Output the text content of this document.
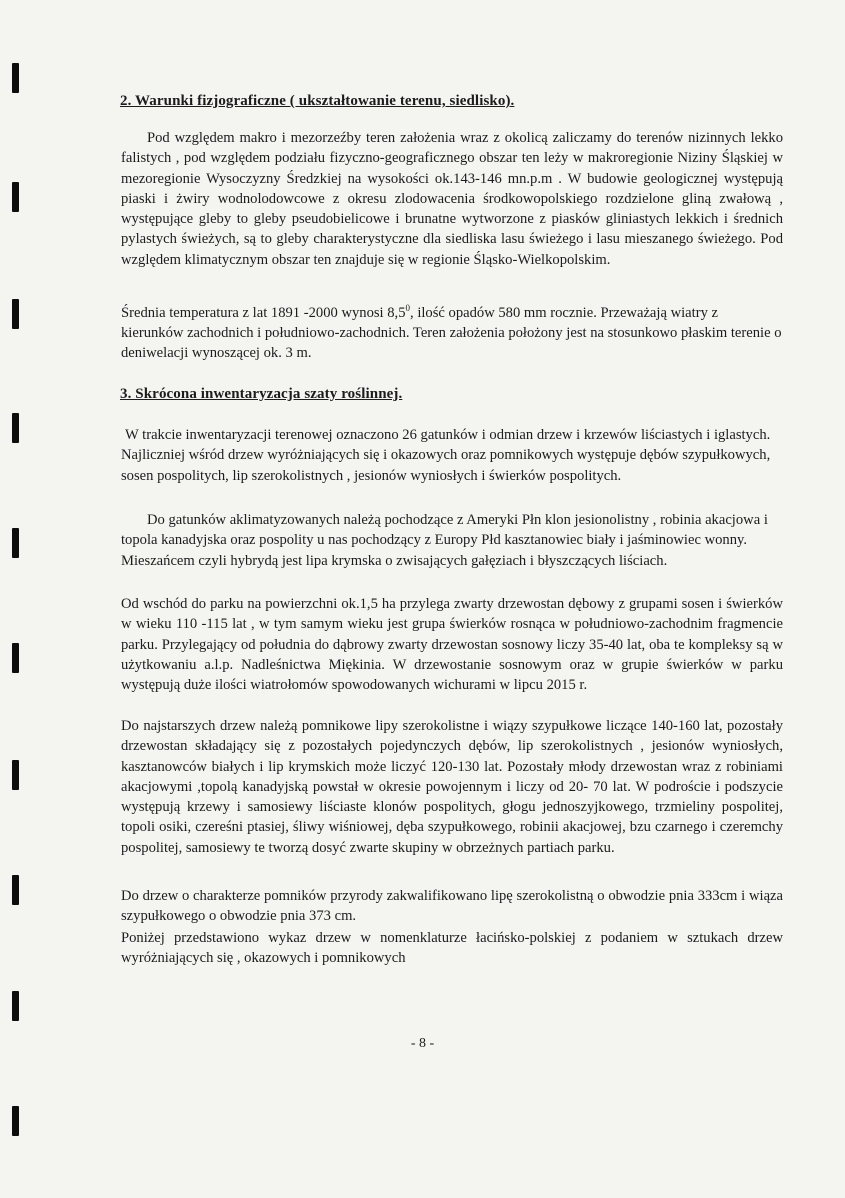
2. Warunki fizjograficzne ( ukształtowanie terenu, siedlisko).

Pod względem makro i mezorzeźby teren założenia wraz z okolicą zaliczamy do terenów nizinnych lekko falistych , pod względem podziału fizyczno-geograficznego obszar ten leży w makroregionie Niziny Śląskiej w mezoregionie Wysoczyzny Średzkiej na wysokości ok.143-146 mn.p.m . W budowie geologicznej występują piaski i żwiry wodnolodowcowe z okresu zlodowacenia środkowopolskiego rozdzielone gliną zwałową , występujące gleby to gleby pseudobielicowe i brunatne wytworzone z piasków gliniastych lekkich i średnich pylastych świeżych, są to gleby charakterystyczne dla siedliska lasu świeżego i lasu mieszanego świeżego. Pod względem klimatycznym obszar ten znajduje się w regionie Śląsko-Wielkopolskim.

Średnia temperatura z lat 1891 -2000 wynosi $8,5^0$, ilość opadów 580 mm rocznie. Przeważają wiatry z kierunków zachodnich i południowo-zachodnich. Teren założenia położony jest na stosunkowo płaskim terenie o deniwelacji wynoszącej ok. 3 m.

3. Skrócona inwentaryzacja szaty roślinnej.

W trakcie inwentaryzacji terenowej oznaczono 26 gatunków i odmian drzew i krzewów liściastych i iglastych. Najliczniej wśród drzew wyróżniających się i okazowych oraz pomnikowych występuje dębów szypułkowych, sosen pospolitych, lip szerokolistnych , jesionów wyniosłych i świerków pospolitych.

Do gatunków aklimatyzowanych należą pochodzące z Ameryki Płn klon jesionolistny , robinia akacjowa i topola kanadyjska oraz pospolity u nas pochodzący z Europy Płd kasztanowiec biały i jaśminowiec wonny. Mieszańcem czyli hybrydą jest lipa krymska o zwisających gałęziach i błyszczących liściach.

Od wschód do parku na powierzchni ok.1,5 ha przylega zwarty drzewostan dębowy z grupami sosen i świerków w wieku 110 -115 lat , w tym samym wieku jest grupa świerków rosnąca w południowo-zachodnim fragmencie parku. Przylegający od południa do dąbrowy zwarty drzewostan sosnowy liczy 35-40 lat, oba te kompleksy są w użytkowaniu a.l.p. Nadleśnictwa Miękinia. W drzewostanie sosnowym oraz w grupie świerków w parku występują duże ilości wiatrołomów spowodowanych wichurami w lipcu 2015 r.

Do najstarszych drzew należą pomnikowe lipy szerokolistne i wiązy szypułkowe liczące 140-160 lat, pozostały drzewostan składający się z pozostałych pojedynczych dębów, lip szerokolistnych , jesionów wyniosłych, kasztanowców białych i lip krymskich może liczyć 120-130 lat. Pozostały młody drzewostan wraz z robiniami akacjowymi ,topolą kanadyjską powstał w okresie powojennym i liczy od 20- 70 lat. W podroście i podszycie występują krzewy i samosiewy liściaste klonów pospolitych, głogu jednoszyjkowego, trzmieliny pospolitej, topoli osiki, czereśni ptasiej, śliwy wiśniowej, dęba szypułkowego, robinii akacjowej, bzu czarnego i czeremchy pospolitej, samosiewy te tworzą dosyć zwarte skupiny w obrzeżnych partiach parku.

Do drzew o charakterze pomników przyrody zakwalifikowano lipę szerokolistną o obwodzie pnia 333cm i wiąza szypułkowego o obwodzie pnia 373 cm.

Poniżej przedstawiono wykaz drzew w nomenklaturze łacińsko-polskiej z podaniem w sztukach drzew wyróżniających się , okazowych i pomnikowych

- 8 -
